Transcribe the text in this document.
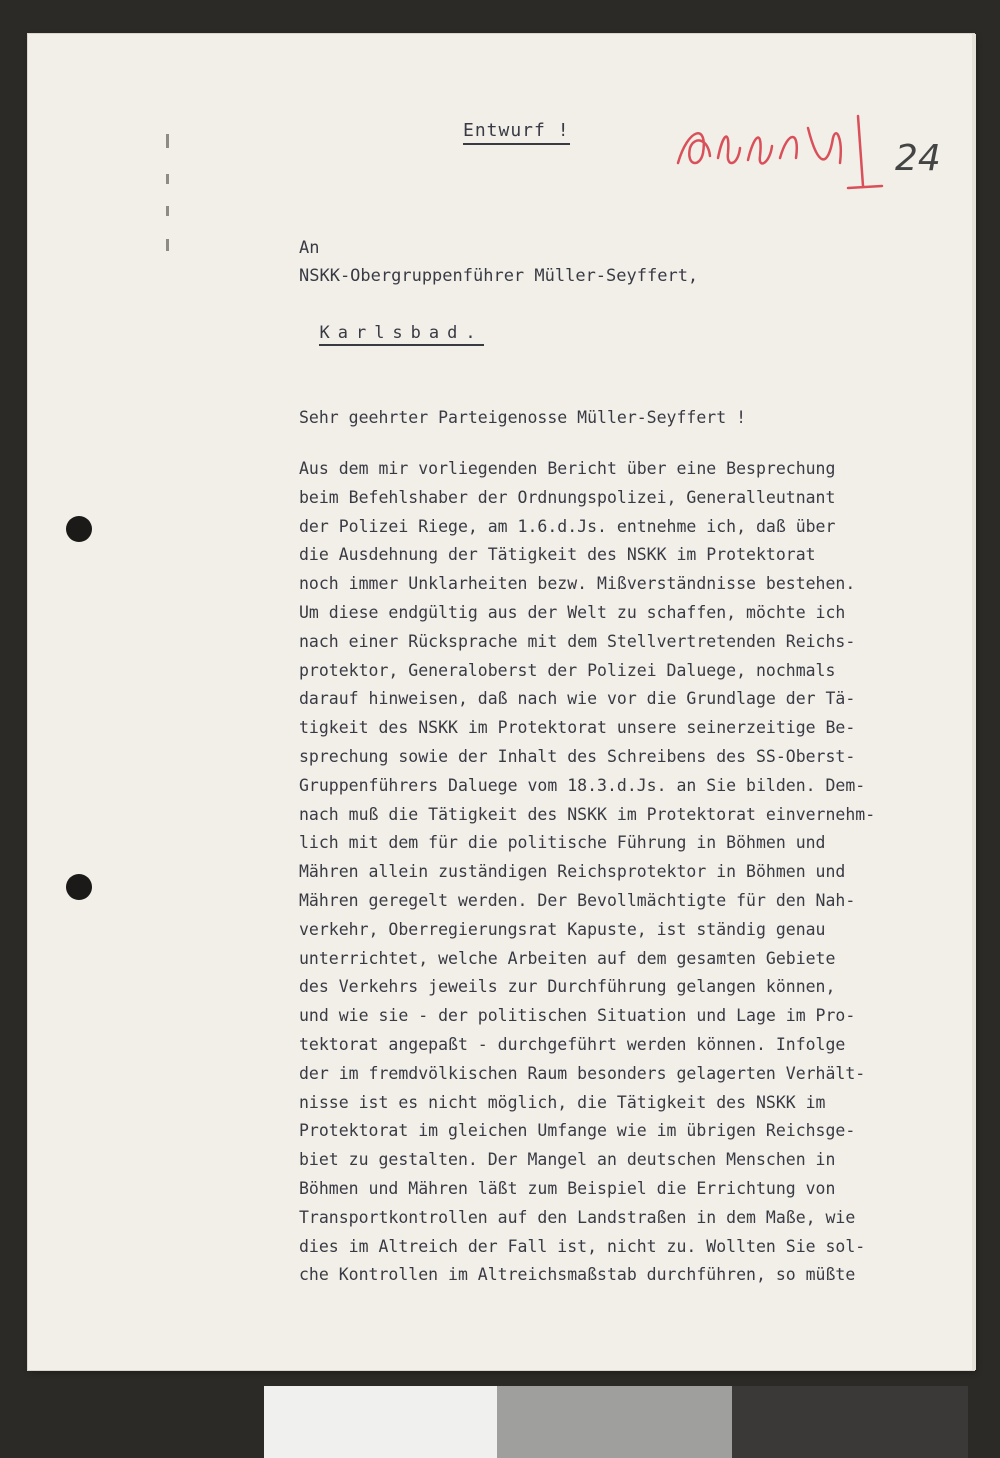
Entwurf !
24
An
NSKK-Obergruppenführer Müller-Seyffert,

Karlsbad.

Sehr geehrter Parteigenosse Müller-Seyffert !
Aus dem mir vorliegenden Bericht über eine Besprechung
beim Befehlshaber der Ordnungspolizei, Generalleutnant
der Polizei Riege, am 1.6.d.Js. entnehme ich, daß über
die Ausdehnung der Tätigkeit des NSKK im Protektorat
noch immer Unklarheiten bezw. Mißverständnisse bestehen.
Um diese endgültig aus der Welt zu schaffen, möchte ich
nach einer Rücksprache mit dem Stellvertretenden Reichs-
protektor, Generaloberst der Polizei Daluege, nochmals
darauf hinweisen, daß nach wie vor die Grundlage der Tä-
tigkeit des NSKK im Protektorat unsere seinerzeitige Be-
sprechung sowie der Inhalt des Schreibens des SS-Oberst-
Gruppenführers Daluege vom 18.3.d.Js. an Sie bilden. Dem-
nach muß die Tätigkeit des NSKK im Protektorat einvernehm-
lich mit dem für die politische Führung in Böhmen und
Mähren allein zuständigen Reichsprotektor in Böhmen und
Mähren geregelt werden. Der Bevollmächtigte für den Nah-
verkehr, Oberregierungsrat Kapuste, ist ständig genau
unterrichtet, welche Arbeiten auf dem gesamten Gebiete
des Verkehrs jeweils zur Durchführung gelangen können,
und wie sie - der politischen Situation und Lage im Pro-
tektorat angepaßt - durchgeführt werden können. Infolge
der im fremdvölkischen Raum besonders gelagerten Verhält-
nisse ist es nicht möglich, die Tätigkeit des NSKK im
Protektorat im gleichen Umfange wie im übrigen Reichsge-
biet zu gestalten. Der Mangel an deutschen Menschen in
Böhmen und Mähren läßt zum Beispiel die Errichtung von
Transportkontrollen auf den Landstraßen in dem Maße, wie
dies im Altreich der Fall ist, nicht zu. Wollten Sie sol-
che Kontrollen im Altreichsmaßstab durchführen, so müßte
